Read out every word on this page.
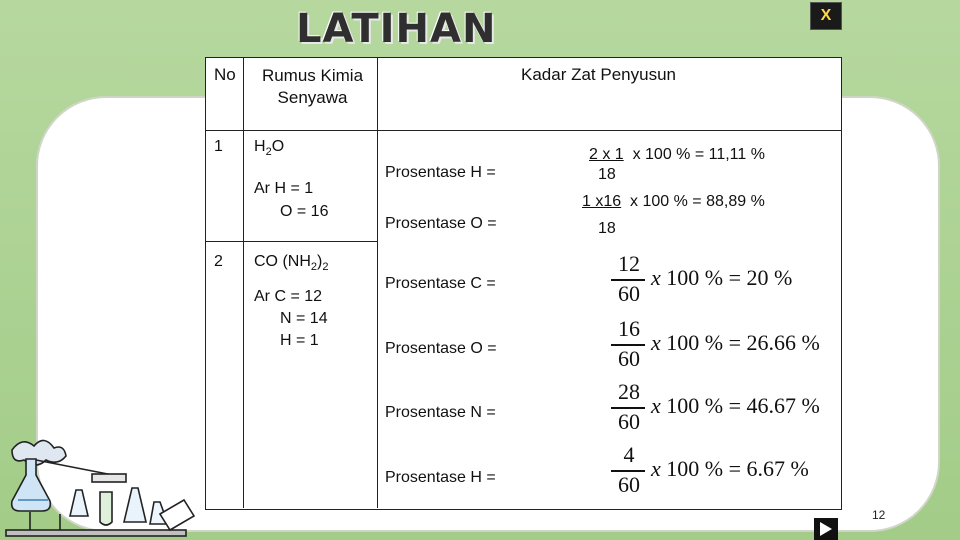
LATIHAN	X
No	Rumus Kimia
Senyawa
Kadar Zat Penyusun
1 $H_2O$
Ar H = 1
O = 16
Prosentase H =
Prosentase O =
2 x 1 x 100 % = 11,11 %
18
1 x16 x 100 % = 88,89 %
18
2 CO $(NH_2)_2$
Ar C = 12
N = 14
H = 1
Prosentase C =
Prosentase O =
Prosentase N =
Prosentase H =
12
60
x 100 % = 20 %
16
60
x 100 % = 26.66 %
28
60
x 100 % = 46.67 %
4
60
x 100 % = 6.67 %
12
